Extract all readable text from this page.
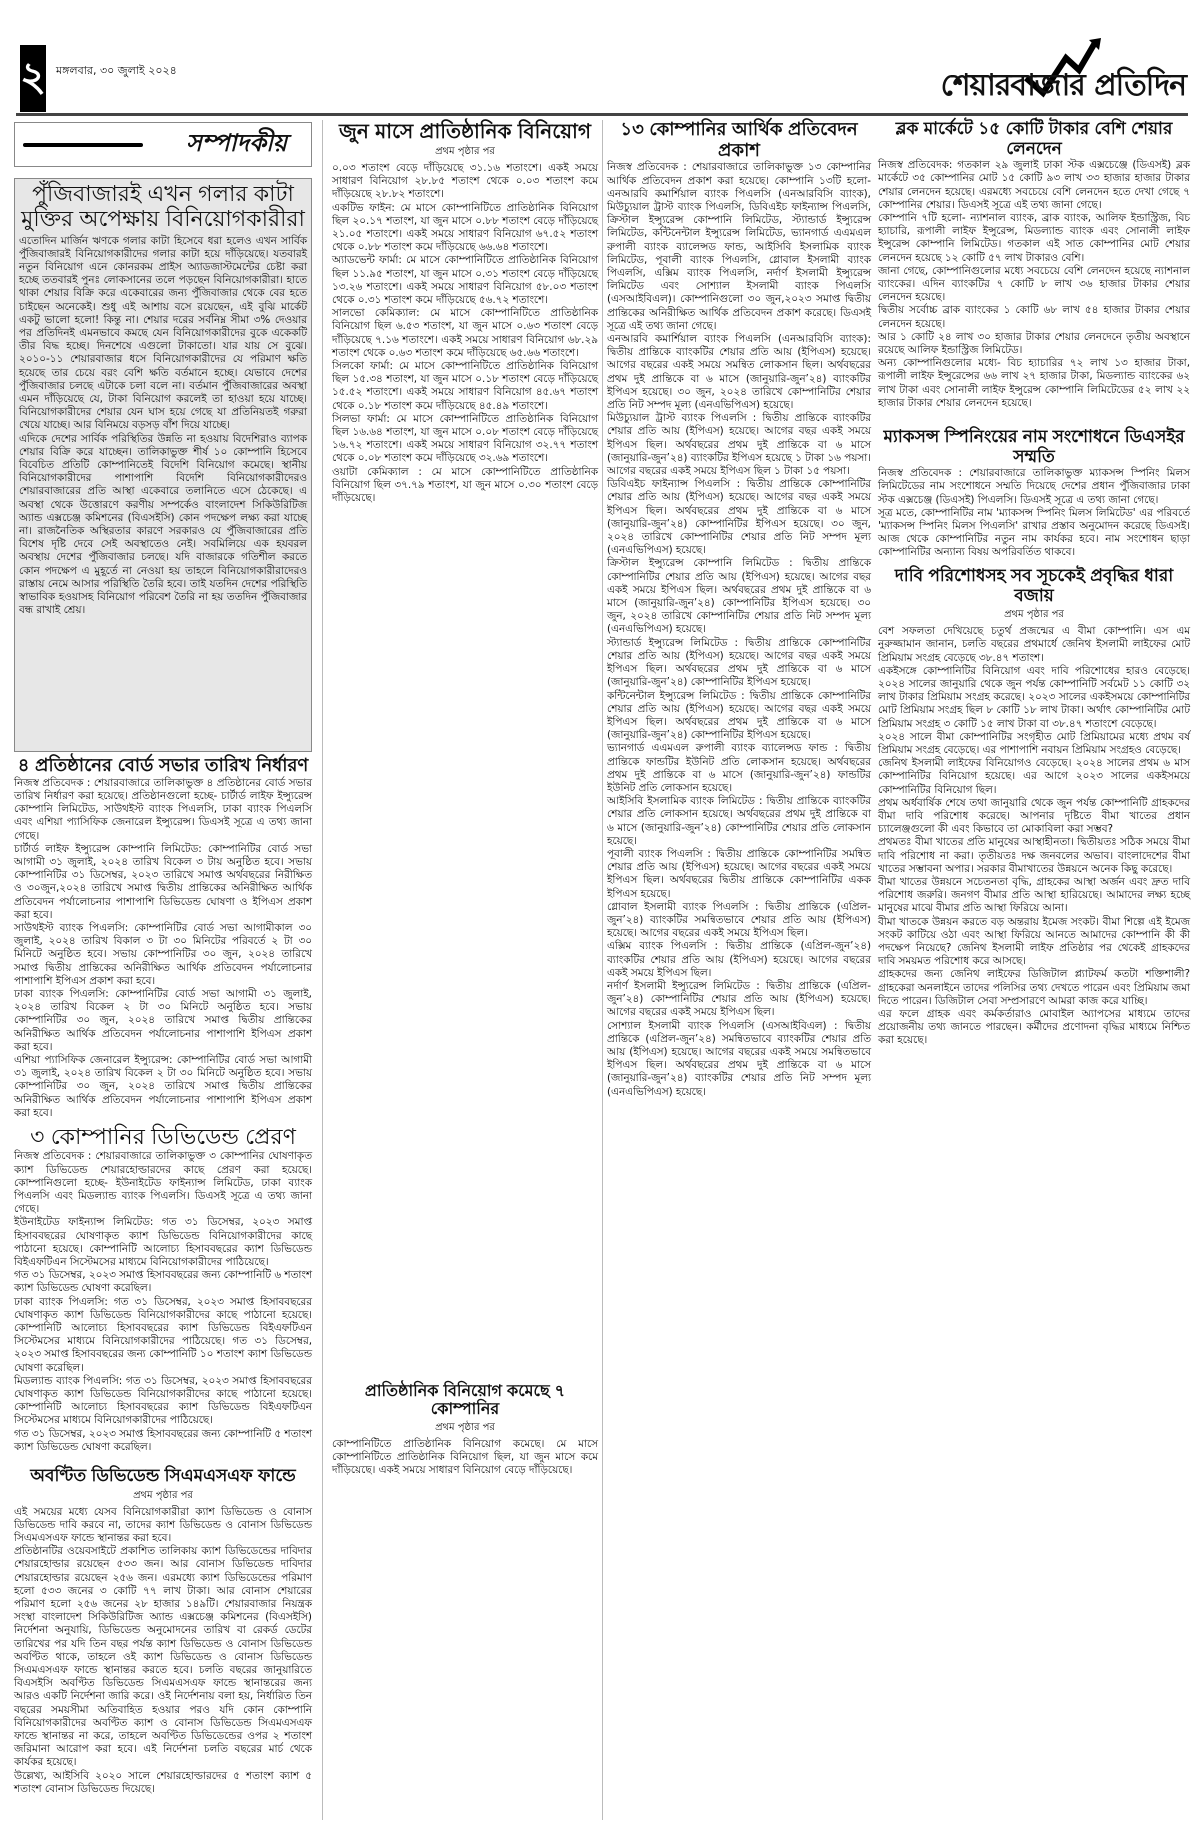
২ মঙ্গলবার, ৩০ জুলাই ২০২৪	শেয়ারবাজার প্রতিদিন
সম্পাদকীয়
পুঁজিবাজারই এখন গলার কাটা
মুক্তির অপেক্ষায় বিনিয়োগকারীরা

এতোদিন মার্জিন ঋণকে গলার কাটা হিসেবে ধরা হলেও এখন সার্বিক পুঁজিবাজারই বিনিয়োগকারীদের গলার কাটা হয়ে দাঁড়িয়েছে। যতবারই নতুন বিনিয়োগ এনে কোনরকম প্রাইস অ্যাডজাস্টমেন্টের চেষ্টা করা হচ্ছে ততবারই পুনঃ লোকসানের তলে পড়ছেন বিনিয়োগকারীরা। হাতে থাকা শেয়ার বিক্রি করে একেবারের জন্য পুঁজিবাজার থেকে বের হতে চাইছেন অনেকেই। শুধু এই আশায় বসে রয়েছেন, এই বুঝি মার্কেট একটু ভালো হলো! কিন্তু না। শেয়ার দরের সর্বনিম্ন সীমা ৩% দেওয়ার পর প্রতিদিনই এমনভাবে কমছে যেন বিনিয়োগকারীদের বুকে একেকটি তীর বিদ্ধ হচ্ছে। দিনশেষে এগুলো টাকাতো। যার যায় সে বুঝে। ২০১০-১১ শেয়ারবাজার ধসে বিনিয়োগকারীদের যে পরিমাণ ক্ষতি হয়েছে তার চেয়ে বরং বেশি ক্ষতি বর্তমানে হচ্ছে। যেভাবে দেশের পুঁজিবাজার চলছে এটাকে চলা বলে না। বর্তমান পুঁজিবাজারের অবস্থা এমন দাঁড়িয়েছে যে, টাকা বিনিয়োগ করলেই তা হাওয়া হয়ে যাচ্ছে। বিনিয়োগকারীদের শেয়ার যেন ঘাস হয়ে গেছে যা প্রতিনিয়তই গরুরা খেয়ে যাচ্ছে। আর বিনিময়ে বড়সড় বাঁশ দিয়ে যাচ্ছে।

এদিকে দেশের সার্বিক পরিস্থিতির উন্নতি না হওয়ায় বিদেশিরাও ব্যাপক শেয়ার বিক্রি করে যাচ্ছেন। তালিকাভুক্ত শীর্ষ ১০ কোম্পানি হিসেবে বিবেচিত প্রতিটি কোম্পানিতেই বিদেশি বিনিয়োগ কমেছে। স্থানীয় বিনিয়োগকারীদের পাশাপাশি বিদেশি বিনিয়োগকারীদেরও শেয়ারবাজারের প্রতি আস্থা একেবারে তলানিতে এসে ঠেকেছে। এ অবস্থা থেকে উত্তোরণে করণীয় সম্পর্কেও বাংলাদেশ সিকিউরিটিজ অ্যান্ড এক্সচেঞ্জ কমিশনের (বিএসইসি) কোন পদক্ষেপ লক্ষ্য করা যাচ্ছে না। রাজনৈতিক অস্থিরতার কারণে সরকারও যে পুঁজিবাজারের প্রতি বিশেষ দৃষ্টি দেবে সেই অবস্থাতেও নেই। সবমিলিয়ে এক হযবরল অবস্থায় দেশের পুঁজিবাজার চলছে। যদি বাজারকে গতিশীল করতে কোন পদক্ষেপ এ মুহূর্তে না নেওয়া হয় তাহলে বিনিয়োগকারীরাদেরও রাস্তায় নেমে আসার পরিস্থিতি তৈরি হবে। তাই যতদিন দেশের পরিস্থিতি স্বাভাবিক হওয়াসহ বিনিয়োগ পরিবেশ তৈরি না হয় ততদিন পুঁজিবাজার বন্ধ রাখাই শ্রেয়।

৪ প্রতিষ্ঠানের বোর্ড সভার তারিখ নির্ধারণ

নিজস্ব প্রতিবেদক : শেয়ারবাজারে তালিকাভুক্ত ৪ প্রতিষ্ঠানের বোর্ড সভার তারিখ নির্ধারণ করা হয়েছে। প্রতিষ্ঠানগুলো হচ্ছে- চার্টার্ড লাইফ ইন্স্যুরেন্স কোম্পানি লিমিটেড, সাউথইস্ট ব্যাংক পিএলসি, ঢাকা ব্যাংক পিএলসি এবং এশিয়া প্যাসিফিক জেনারেল ইন্স্যুরেন্স। ডিএসই সূত্রে এ তথ্য জানা গেছে।

চার্টার্ড লাইফ ইন্স্যুরেন্স কোম্পানি লিমিটেড: কোম্পানিটির বোর্ড সভা আগামী ৩১ জুলাই, ২০২৪ তারিখ বিকেল ৩ টায় অনুষ্ঠিত হবে। সভায় কোম্পানিটির ৩১ ডিসেম্বর, ২০২৩ তারিখে সমাপ্ত অর্থবছরের নিরীক্ষিত ও ৩০জুন,২০২৪ তারিখে সমাপ্ত দ্বিতীয় প্রান্তিকের অনিরীক্ষিত আর্থিক প্রতিবেদন পর্যালোচনার পাশাপাশি ডিভিডেন্ড ঘোষণা ও ইপিএস প্রকাশ করা হবে।

সাউথইস্ট ব্যাংক পিএলসি: কোম্পানিটির বোর্ড সভা আগামীকাল ৩০ জুলাই, ২০২৪ তারিখ বিকাল ৩ টা ৩০ মিনিটের পরিবর্তে ২ টা ৩০ মিনিটে অনুষ্ঠিত হবে। সভায় কোম্পানিটির ৩০ জুন, ২০২৪ তারিখে সমাপ্ত দ্বিতীয় প্রান্তিকের অনিরীক্ষিত আর্থিক প্রতিবেদন পর্যালোচনার পাশাপাশি ইপিএস প্রকাশ করা হবে।

ঢাকা ব্যাংক পিএলসি: কোম্পানিটির বোর্ড সভা আগামী ৩১ জুলাই, ২০২৪ তারিখ বিকেল ২ টা ৩০ মিনিটে অনুষ্ঠিত হবে। সভায় কোম্পানিটির ৩০ জুন, ২০২৪ তারিখে সমাপ্ত দ্বিতীয় প্রান্তিকের অনিরীক্ষিত আর্থিক প্রতিবেদন পর্যালোচনার পাশাপাশি ইপিএস প্রকাশ করা হবে।

এশিয়া প্যাসিফিক জেনারেল ইন্স্যুরেন্স: কোম্পানিটির বোর্ড সভা আগামী ৩১ জুলাই, ২০২৪ তারিখ বিকেল ২ টা ৩০ মিনিটে অনুষ্ঠিত হবে। সভায় কোম্পানিটির ৩০ জুন, ২০২৪ তারিখে সমাপ্ত দ্বিতীয় প্রান্তিকের অনিরীক্ষিত আর্থিক প্রতিবেদন পর্যালোচনার পাশাপাশি ইপিএস প্রকাশ করা হবে।

৩ কোম্পানির ডিভিডেন্ড প্রেরণ

নিজস্ব প্রতিবেদক : শেয়ারবাজারে তালিকাভুক্ত ৩ কোম্পানির ঘোষণাকৃত ক্যাশ ডিভিডেন্ড শেয়ারহোল্ডারদের কাছে প্রেরণ করা হয়েছে। কোম্পানিগুলো হচ্ছে- ইউনাইটেড ফাইন্যান্স লিমিটেড, ঢাকা ব্যাংক পিএলসি এবং মিডল্যান্ড ব্যাংক পিএলসি। ডিএসই সূত্রে এ তথ্য জানা গেছে।

ইউনাইটেড ফাইন্যান্স লিমিটেড: গত ৩১ ডিসেম্বর, ২০২৩ সমাপ্ত হিসাববছরের ঘোষণাকৃত ক্যাশ ডিভিডেন্ড বিনিয়োগকারীদের কাছে পাঠানো হয়েছে। কোম্পানিটি আলোচ্য হিসাববছরের ক্যাশ ডিভিডেন্ড বিইএফটিএন সিস্টেমসের মাধ্যমে বিনিয়োগকারীদের পাঠিয়েছে।

গত ৩১ ডিসেম্বর, ২০২৩ সমাপ্ত হিসাববছরের জন্য কোম্পানিটি ৬ শতাংশ ক্যাশ ডিভিডেন্ড ঘোষণা করেছিল।

ঢাকা ব্যাংক পিএলসি: গত ৩১ ডিসেম্বর, ২০২৩ সমাপ্ত হিসাববছরের ঘোষণাকৃত ক্যাশ ডিভিডেন্ড বিনিয়োগকারীদের কাছে পাঠানো হয়েছে। কোম্পানিটি আলোচ্য হিসাববছরের ক্যাশ ডিভিডেন্ড বিইএফটিএন সিস্টেমসের মাধ্যমে বিনিয়োগকারীদের পাঠিয়েছে। গত ৩১ ডিসেম্বর, ২০২৩ সমাপ্ত হিসাববছরের জন্য কোম্পানিটি ১০ শতাংশ ক্যাশ ডিভিডেন্ড ঘোষণা করেছিল।

মিডল্যান্ড ব্যাংক পিএলসি: গত ৩১ ডিসেম্বর, ২০২৩ সমাপ্ত হিসাববছরের ঘোষণাকৃত ক্যাশ ডিভিডেন্ড বিনিয়োগকারীদের কাছে পাঠানো হয়েছে। কোম্পানিটি আলোচ্য হিসাববছরের ক্যাশ ডিভিডেন্ড বিইএফটিএন সিস্টেমসের মাধ্যমে বিনিয়োগকারীদের পাঠিয়েছে।

গত ৩১ ডিসেম্বর, ২০২৩ সমাপ্ত হিসাববছরের জন্য কোম্পানিটি ৫ শতাংশ ক্যাশ ডিভিডেন্ড ঘোষণা করেছিল।

অবণ্টিত ডিভিডেন্ড সিএমএসএফ ফান্ডে
প্রথম পৃষ্ঠার পর

এই সময়ের মধ্যে যেসব বিনিয়োগকারীরা ক্যাশ ডিভিডেন্ড ও বোনাস ডিভিডেন্ড দাবি করবে না, তাদের ক্যাশ ডিভিডেন্ড ও বোনাস ডিভিডেন্ড সিএমএসএফ ফান্ডে স্থানান্তর করা হবে।

প্রতিষ্ঠানটির ওয়েবসাইটে প্রকাশিত তালিকায় ক্যাশ ডিভিডেন্ডের দাবিদার শেয়ারহোল্ডার রয়েছেন ৫৩৩ জন। আর বোনাস ডিভিডেন্ড দাবিদার শেয়ারহোল্ডার রয়েছেন ২৫৬ জন। এরমধ্যে ক্যাশ ডিভিডেন্ডের পরিমাণ হলো ৫৩৩ জনের ৩ কোটি ৭৭ লাখ টাকা। আর বোনাস শেয়ারের পরিমাণ হলো ২৫৬ জনের ২৮ হাজার ১৪৯টি। শেয়ারবাজার নিয়ন্ত্রক সংস্থা বাংলাদেশ সিকিউরিটিজ অ্যান্ড এক্সচেঞ্জ কমিশনের (বিএসইসি) নির্দেশনা অনুযায়ি, ডিভিডেন্ড অনুমোদনের তারিখ বা রেকর্ড ডেটের তারিখের পর যদি তিন বছর পর্যন্ত ক্যাশ ডিভিডেন্ড ও বোনাস ডিভিডেন্ড অবণ্টিত থাকে, তাহলে ওই ক্যাশ ডিভিডেন্ড ও বোনাস ডিভিডেন্ড সিএমএসএফ ফান্ডে স্থানান্তর করতে হবে। চলতি বছরের জানুয়ারিতে বিএসইসি অবণ্টিত ডিভিডেন্ড সিএমএসএফ ফান্ডে স্থানান্তরের জন্য আরও একটি নির্দেশনা জারি করে। ওই নির্দেশনায় বলা হয়, নির্ধারিত তিন বছরের সময়সীমা অতিবাহিত হওয়ার পরও যদি কোন কোম্পানি বিনিয়োগকারীদের অবণ্টিত ক্যাশ ও বোনাস ডিভিডেন্ড সিএমএসএফ ফান্ডে স্থানান্তর না করে, তাহলে অবণ্টিত ডিভিডেন্ডের ওপর ২ শতাংশ জরিমানা আরোপ করা হবে। এই নির্দেশনা চলতি বছরের মার্চ থেকে কার্যকর হয়েছে।

উল্লেখ্য, আইসিবি ২০২০ সালে শেয়ারহোল্ডারদের ৫ শতাংশ ক্যাশ ৫ শতাংশ বোনাস ডিভিডেন্ড দিয়েছে।

জুন মাসে প্রাতিষ্ঠানিক বিনিয়োগ
প্রথম পৃষ্ঠার পর

০.০৩ শতাংশ বেড়ে দাঁড়িয়েছে ৩১.১৬ শতাংশে। একই সময়ে সাধারণ বিনিয়োগ ২৮.৮৫ শতাংশ থেকে ০.০৩ শতাংশ কমে দাঁড়িয়েছে ২৮.৮২ শতাংশে।

একটিভ ফাইন: মে মাসে কোম্পানিটিতে প্রাতিষ্ঠানিক বিনিয়োগ ছিল ২০.১৭ শতাংশ, যা জুন মাসে ০.৮৮ শতাংশ বেড়ে দাঁড়িয়েছে ২১.০৫ শতাংশে। একই সময়ে সাধারণ বিনিয়োগ ৬৭.৫২ শতাংশ থেকে ০.৮৮ শতাংশ কমে দাঁড়িয়েছে ৬৬.৬৪ শতাংশে।

অ্যাডভেন্ট ফার্মা: মে মাসে কোম্পানিটিতে প্রাতিষ্ঠানিক বিনিয়োগ ছিল ১১.৯৫ শতাংশ, যা জুন মাসে ০.৩১ শতাংশ বেড়ে দাঁড়িয়েছে ১৩.২৬ শতাংশে। একই সময়ে সাধারণ বিনিয়োগ ৫৮.০৩ শতাংশ থেকে ০.৩১ শতাংশ কমে দাঁড়িয়েছে ৫৬.৭২ শতাংশে।

সালভো কেমিক্যাল: মে মাসে কোম্পানিটিতে প্রাতিষ্ঠানিক বিনিয়োগ ছিল ৬.৫৩ শতাংশ, যা জুন মাসে ০.৬৩ শতাংশ বেড়ে দাঁড়িয়েছে ৭.১৬ শতাংশে। একই সময়ে সাধারণ বিনিয়োগ ৬৮.২৯ শতাংশ থেকে ০.৬৩ শতাংশ কমে দাঁড়িয়েছে ৬৫.৬৬ শতাংশে।

সিলকো ফার্মা: মে মাসে কোম্পানিটিতে প্রাতিষ্ঠানিক বিনিয়োগ ছিল ১৫.৩৪ শতাংশ, যা জুন মাসে ০.১৮ শতাংশ বেড়ে দাঁড়িয়েছে ১৫.৫২ শতাংশে। একই সময়ে সাধারণ বিনিয়োগ ৪৫.৬৭ শতাংশ থেকে ০.১৮ শতাংশ কমে দাঁড়িয়েছে ৪৫.৪৯ শতাংশে।

সিলভা ফার্মা: মে মাসে কোম্পানিটিতে প্রাতিষ্ঠানিক বিনিয়োগ ছিল ১৬.৬৪ শতাংশ, যা জুন মাসে ০.০৮ শতাংশ বেড়ে দাঁড়িয়েছে ১৬.৭২ শতাংশে। একই সময়ে সাধারণ বিনিয়োগ ৩২.৭৭ শতাংশ থেকে ০.০৮ শতাংশ কমে দাঁড়িয়েছে ৩২.৬৯ শতাংশে।

ওয়াটা কেমিক্যাল : মে মাসে কোম্পানিটিতে প্রাতিষ্ঠানিক বিনিয়োগ ছিল ৩৭.৭৯ শতাংশ, যা জুন মাসে ০.৩০ শতাংশ বেড়ে দাঁড়িয়েছে।

প্রাতিষ্ঠানিক বিনিয়োগ কমেছে ৭ কোম্পানির
প্রথম পৃষ্ঠার পর

কোম্পানিটিতে প্রাতিষ্ঠানিক বিনিয়োগ কমেছে। মে মাসে কোম্পানিটিতে প্রাতিষ্ঠানিক বিনিয়োগ ছিল, যা জুন মাসে কমে দাঁড়িয়েছে। একই সময়ে সাধারণ বিনিয়োগ বেড়ে দাঁড়িয়েছে।

১৩ কোম্পানির আর্থিক প্রতিবেদন প্রকাশ

নিজস্ব প্রতিবেদক : শেয়ারবাজারে তালিকাভুক্ত ১৩ কোম্পানির আর্থিক প্রতিবেদন প্রকাশ করা হয়েছে। কোম্পানি ১৩টি হলো- এনআরবি কমার্শিয়াল ব্যাংক পিএলসি (এনআরবিসি ব্যাংক), মিউচ্যুয়াল ট্রাস্ট ব্যাংক পিএলসি, ডিবিএইচ ফাইন্যান্স পিএলসি, ক্রিস্টাল ইন্স্যুরেন্স কোম্পানি লিমিটেড, স্ট্যান্ডার্ড ইন্স্যুরেন্স লিমিটেড, কন্টিনেন্টাল ইন্স্যুরেন্স লিমিটেড, ভ্যানগার্ড এএমএল রুপালী ব্যাংক ব্যালেন্সড ফান্ড, আইসিবি ইসলামিক ব্যাংক লিমিটেড, পূবালী ব্যাংক পিএলসি, গ্লোবাল ইসলামী ব্যাংক পিএলসি, এক্সিম ব্যাংক পিএলসি, নর্দার্ণ ইসলামী ইন্স্যুরেন্স লিমিটেড এবং সোশ্যাল ইসলামী ব্যাংক পিএলসি (এসআইবিএল)। কোম্পানিগুলো ৩০ জুন,২০২৩ সমাপ্ত দ্বিতীয় প্রান্তিকের অনিরীক্ষিত আর্থিক প্রতিবেদন প্রকাশ করেছে। ডিএসই সূত্রে এই তথ্য জানা গেছে।

এনআরবি কমার্শিয়াল ব্যাংক পিএলসি (এনআরবিসি ব্যাংক): দ্বিতীয় প্রান্তিকে ব্যাংকটির শেয়ার প্রতি আয় (ইপিএস) হয়েছে। আগের বছরের একই সময়ে সমন্বিত লোকসান ছিল। অর্থবছরের প্রথম দুই প্রান্তিকে বা ৬ মাসে (জানুয়ারি-জুন’২৪) ব্যাংকটির ইপিএস হয়েছে। ৩০ জুন, ২০২৪ তারিখে কোম্পানিটির শেয়ার প্রতি নিট সম্পদ মূল্য (এনএভিপিএস) হয়েছে।

মিউচ্যুয়াল ট্রাস্ট ব্যাংক পিএলসি : দ্বিতীয় প্রান্তিকে ব্যাংকটির শেয়ার প্রতি আয় (ইপিএস) হয়েছে। আগের বছর একই সময়ে ইপিএস ছিল। অর্থবছরের প্রথম দুই প্রান্তিকে বা ৬ মাসে (জানুয়ারি-জুন’২৪) ব্যাংকটির ইপিএস হয়েছে ১ টাকা ১৬ পয়সা। আগের বছরের একই সময়ে ইপিএস ছিল ১ টাকা ১৫ পয়সা।

ডিবিএইচ ফাইন্যান্স পিএলসি : দ্বিতীয় প্রান্তিকে কোম্পানিটির শেয়ার প্রতি আয় (ইপিএস) হয়েছে। আগের বছর একই সময়ে ইপিএস ছিল। অর্থবছরের প্রথম দুই প্রান্তিকে বা ৬ মাসে (জানুয়ারি-জুন’২৪) কোম্পানিটির ইপিএস হয়েছে। ৩০ জুন, ২০২৪ তারিখে কোম্পানিটির শেয়ার প্রতি নিট সম্পদ মূল্য (এনএভিপিএস) হয়েছে।

ক্রিস্টাল ইন্স্যুরেন্স কোম্পানি লিমিটেড : দ্বিতীয় প্রান্তিকে কোম্পানিটির শেয়ার প্রতি আয় (ইপিএস) হয়েছে। আগের বছর একই সময়ে ইপিএস ছিল। অর্থবছরের প্রথম দুই প্রান্তিকে বা ৬ মাসে (জানুয়ারি-জুন’২৪) কোম্পানিটির ইপিএস হয়েছে। ৩০ জুন, ২০২৪ তারিখে কোম্পানিটির শেয়ার প্রতি নিট সম্পদ মূল্য (এনএভিপিএস) হয়েছে।

স্ট্যান্ডার্ড ইন্স্যুরেন্স লিমিটেড : দ্বিতীয় প্রান্তিকে কোম্পানিটির শেয়ার প্রতি আয় (ইপিএস) হয়েছে। আগের বছর একই সময়ে ইপিএস ছিল। অর্থবছরের প্রথম দুই প্রান্তিকে বা ৬ মাসে (জানুয়ারি-জুন’২৪) কোম্পানিটির ইপিএস হয়েছে।

কন্টিনেন্টাল ইন্স্যুরেন্স লিমিটেড : দ্বিতীয় প্রান্তিকে কোম্পানিটির শেয়ার প্রতি আয় (ইপিএস) হয়েছে। আগের বছর একই সময়ে ইপিএস ছিল। অর্থবছরের প্রথম দুই প্রান্তিকে বা ৬ মাসে (জানুয়ারি-জুন’২৪) কোম্পানিটির ইপিএস হয়েছে।

ভ্যানগার্ড এএমএল রুপালী ব্যাংক ব্যালেন্সড ফান্ড : দ্বিতীয় প্রান্তিকে ফান্ডটির ইউনিট প্রতি লোকসান হয়েছে। অর্থবছরের প্রথম দুই প্রান্তিকে বা ৬ মাসে (জানুয়ারি-জুন’২৪) ফান্ডটির ইউনিট প্রতি লোকসান হয়েছে।

আইসিবি ইসলামিক ব্যাংক লিমিটেড : দ্বিতীয় প্রান্তিকে ব্যাংকটির শেয়ার প্রতি লোকসান হয়েছে। অর্থবছরের প্রথম দুই প্রান্তিকে বা ৬ মাসে (জানুয়ারি-জুন’২৪) কোম্পানিটির শেয়ার প্রতি লোকসান হয়েছে।

পূবালী ব্যাংক পিএলসি : দ্বিতীয় প্রান্তিকে কোম্পানিটির সমন্বিত শেয়ার প্রতি আয় (ইপিএস) হয়েছে। আগের বছরের একই সময়ে ইপিএস ছিল। অর্থবছরের দ্বিতীয় প্রান্তিকে কোম্পানিটির একক ইপিএস হয়েছে।

গ্লোবাল ইসলামী ব্যাংক পিএলসি : দ্বিতীয় প্রান্তিকে (এপ্রিল-জুন’২৪) ব্যাংকটির সমন্বিতভাবে শেয়ার প্রতি আয় (ইপিএস) হয়েছে। আগের বছরের একই সময়ে ইপিএস ছিল।

এক্সিম ব্যাংক পিএলসি : দ্বিতীয় প্রান্তিকে (এপ্রিল-জুন’২৪) ব্যাংকটির শেয়ার প্রতি আয় (ইপিএস) হয়েছে। আগের বছরের একই সময়ে ইপিএস ছিল।

নর্দার্ণ ইসলামী ইন্স্যুরেন্স লিমিটেড : দ্বিতীয় প্রান্তিকে (এপ্রিল-জুন’২৪) কোম্পানিটির শেয়ার প্রতি আয় (ইপিএস) হয়েছে। আগের বছরের একই সময়ে ইপিএস ছিল।

সোশ্যাল ইসলামী ব্যাংক পিএলসি (এসআইবিএল) : দ্বিতীয় প্রান্তিকে (এপ্রিল-জুন’২৪) সমন্বিতভাবে ব্যাংকটির শেয়ার প্রতি আয় (ইপিএস) হয়েছে। আগের বছরের একই সময়ে সমন্বিতভাবে ইপিএস ছিল। অর্থবছরের প্রথম দুই প্রান্তিকে বা ৬ মাসে (জানুয়ারি-জুন’২৪) ব্যাংকটির শেয়ার প্রতি নিট সম্পদ মূল্য (এনএভিপিএস) হয়েছে।

ব্লক মার্কেটে ১৫ কোটি টাকার বেশি শেয়ার লেনদেন

নিজস্ব প্রতিবেদক: গতকাল ২৯ জুলাই ঢাকা স্টক এক্সচেঞ্জে (ডিএসই) ব্লক মার্কেটে ৩৫ কোম্পানির মোট ১৫ কোটি ৯৩ লাখ ৩৩ হাজার হাজার টাকার শেয়ার লেনদেন হয়েছে। এরমধ্যে সবচেয়ে বেশি লেনদেন হতে দেখা গেছে ৭ কোম্পানির শেয়ার। ডিএসই সূত্রে এই তথ্য জানা গেছে।

কোম্পানি ৭টি হলো- ন্যাশনাল ব্যাংক, ব্রাক ব্যাংক, আলিফ ইন্ডাস্ট্রিজ, বিচ হ্যাচারি, রূপালী লাইফ ইন্সুরেন্স, মিডল্যান্ড ব্যাংক এবং সোনালী লাইফ ইন্সুরেন্স কোম্পানি লিমিটেড। গতকাল এই সাত কোম্পানির মোট শেয়ার লেনদেন হয়েছে ১২ কোটি ৫৭ লাখ টাকারও বেশি।

জানা গেছে, কোম্পানিগুলোর মধ্যে সবচেয়ে বেশি লেনদেন হয়েছে ন্যাশনাল ব্যাংকের। এদিন ব্যাংকটির ৭ কোটি ৮ লাখ ৩৬ হাজার টাকার শেয়ার লেনদেন হয়েছে।

দ্বিতীয় সর্বোচ্চ ব্রাক ব্যাংকের ১ কোটি ৬৮ লাখ ৫৪ হাজার টাকার শেয়ার লেনদেন হয়েছে।

আর ১ কোটি ২৪ লাখ ৩০ হাজার টাকার শেয়ার লেনদেনে তৃতীয় অবস্থানে রয়েছে আলিফ ইন্ডাস্ট্রিজ লিমিটেড।

অন্য কোম্পানিগুলোর মধ্যে- বিচ হ্যাচারির ৭২ লাখ ১৩ হাজার টাকা, রূপালী লাইফ ইন্সুরেন্সের ৬৬ লাখ ২৭ হাজার টাকা, মিডল্যান্ড ব্যাংকের ৬২ লাখ টাকা এবং সোনালী লাইফ ইন্সুরেন্স কোম্পানি লিমিটেডের ৫২ লাখ ২২ হাজার টাকার শেয়ার লেনদেন হয়েছে।

ম্যাকসন্স স্পিনিংয়ের নাম সংশোধনে ডিএসইর সম্মতি

নিজস্ব প্রতিবেদক : শেয়ারবাজারে তালিকাভুক্ত ম্যাকসন্স স্পিনিং মিলস লিমিটেডের নাম সংশোধনে সম্মতি দিয়েছে দেশের প্রধান পুঁজিবাজার ঢাকা স্টক এক্সচেঞ্জ (ডিএসই) পিএলসি। ডিএসই সূত্রে এ তথ্য জানা গেছে।

সূত্র মতে, কোম্পানিটির নাম 'ম্যাকসন্স স্পিনিং মিলস লিমিটেড' এর পরিবর্তে 'ম্যাকসন্স স্পিনিং মিলস পিএলসি' রাখার প্রস্তাব অনুমোদন করেছে ডিএসই। আজ থেকে কোম্পানিটির নতুন নাম কার্যকর হবে। নাম সংশোধন ছাড়া কোম্পানিটির অন্যান্য বিষয় অপরিবর্তিত থাকবে।

দাবি পরিশোধসহ সব সূচকেই প্রবৃদ্ধির ধারা বজায়
প্রথম পৃষ্ঠার পর

বেশ সফলতা দেখিয়েছে চতুর্থ প্রজন্মের এ বীমা কোম্পানি। এস এম নুরুজ্জামান জানান, চলতি বছরের প্রথমার্ধে জেনিথ ইসলামী লাইফের মোট প্রিমিয়াম সংগ্রহ বেড়েছে ৩৮.৪৭ শতাংশ।

একইসঙ্গে কোম্পানিটির বিনিয়োগ এবং দাবি পরিশোধের হারও বেড়েছে। ২০২৪ সালের জানুয়ারি থেকে জুন পর্যন্ত কোম্পানিটি সর্বমেট ১১ কোটি ৩২ লাখ টাকার প্রিমিয়াম সংগ্রহ করেছে। ২০২৩ সালের একইসময়ে কোম্পানিটির মোট প্রিমিয়াম সংগ্রহ ছিল ৮ কোটি ১৮ লাখ টাকা। অর্থাৎ কোম্পানিটির মোট প্রিমিয়াম সংগ্রহ ৩ কোটি ১৫ লাখ টাকা বা ৩৮.৪৭ শতাংশে বেড়েছে।

২০২৪ সালে বীমা কোম্পানিটির সংগৃহীত মোট প্রিমিয়ামের মধ্যে প্রথম বর্ষ প্রিমিয়াম সংগ্রহ বেড়েছে। এর পাশাপাশি নবায়ন প্রিমিয়াম সংগ্রহও বেড়েছে।

জেনিথ ইসলামী লাইফের বিনিয়োগও বেড়েছে। ২০২৪ সালের প্রথম ৬ মাস কোম্পানিটির বিনিয়োগ হয়েছে। এর আগে ২০২৩ সালের একইসময়ে কোম্পানিটির বিনিয়োগ ছিল।

প্রথম অর্ধবার্ষিক শেষে তথা জানুয়ারি থেকে জুন পর্যন্ত কোম্পানিটি গ্রাহকদের বীমা দাবি পরিশোধ করেছে। আপনার দৃষ্টিতে বীমা খাতের প্রধান চ্যালেঞ্জগুলো কী এবং কিভাবে তা মোকাবিলা করা সম্ভব?

প্রথমতঃ বীমা খাতের প্রতি মানুষের আস্থাহীনতা। দ্বিতীয়তঃ সঠিক সময়ে বীমা দাবি পরিশোধ না করা। তৃতীয়তঃ দক্ষ জনবলের অভাব। বাংলাদেশের বীমা খাতের সম্ভাবনা অপার। সরকার বীমাখাতের উন্নয়নে অনেক কিছু করেছে।

বীমা খাতের উন্নয়নে সচেতনতা বৃদ্ধি, গ্রাহকের আস্থা অর্জন এবং দ্রুত দাবি পরিশোধ জরুরি। জনগণ বীমার প্রতি আস্থা হারিয়েছে। আমাদের লক্ষ্য হচ্ছে মানুষের মাঝে বীমার প্রতি আস্থা ফিরিয়ে আনা।

বীমা খাতকে উন্নয়ন করতে বড় অন্তরায় ইমেজ সংকট। বীমা শিল্পে এই ইমেজ সংকট কাটিয়ে ওঠা এবং আস্থা ফিরিয়ে আনতে আমাদের কোম্পানি কী কী পদক্ষেপ নিয়েছে? জেনিথ ইসলামী লাইফ প্রতিষ্ঠার পর থেকেই গ্রাহকদের দাবি সময়মত পরিশোধ করে আসছে।

গ্রাহকদের জন্য জেনিথ লাইফের ডিজিটাল প্ল্যাটফর্ম কতটা শক্তিশালী? গ্রাহকেরা অনলাইনে তাদের পলিসির তথ্য দেখতে পারেন এবং প্রিমিয়াম জমা দিতে পারেন। ডিজিটাল সেবা সম্প্রসারণে আমরা কাজ করে যাচ্ছি।

এর ফলে গ্রাহক এবং কর্মকর্তারাও মোবাইল অ্যাপসের মাধ্যমে তাদের প্রয়োজনীয় তথ্য জানতে পারছেন। কর্মীদের প্রণোদনা বৃদ্ধির মাধ্যমে নিশ্চিত করা হয়েছে।
